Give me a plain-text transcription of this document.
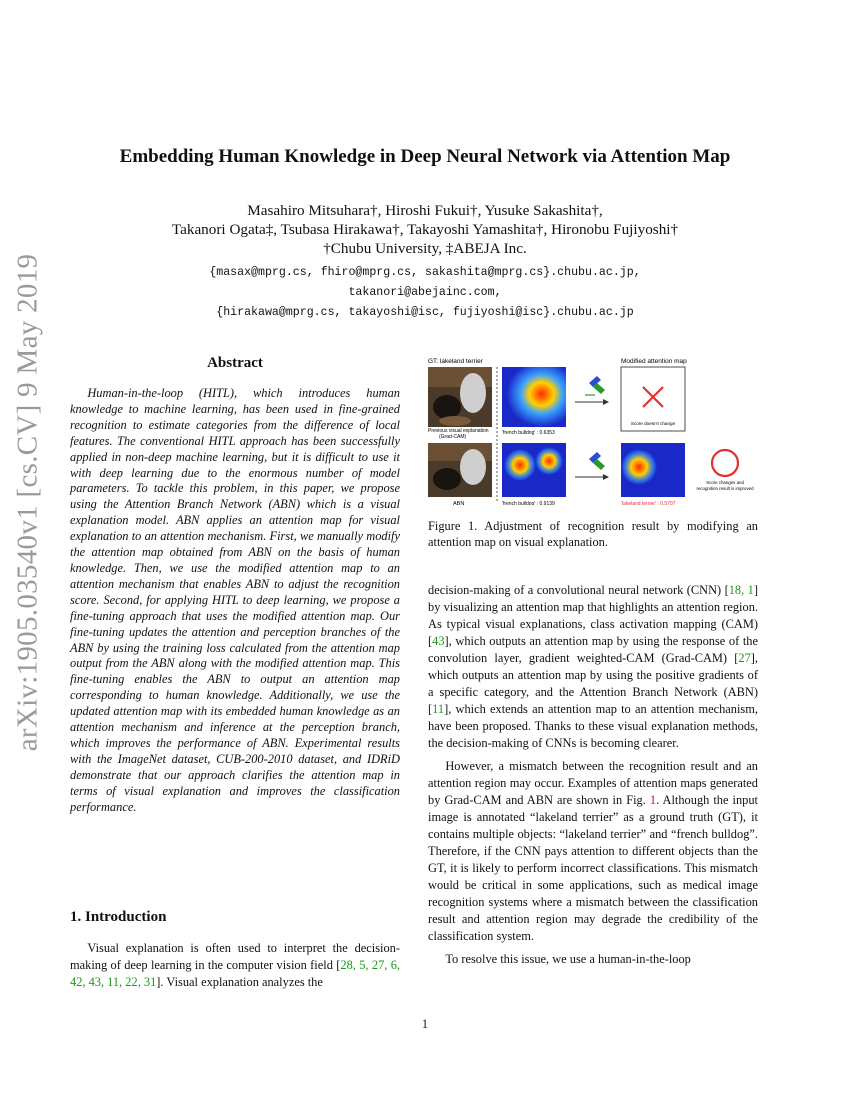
arXiv:1905.03540v1 [cs.CV] 9 May 2019
Embedding Human Knowledge in Deep Neural Network via Attention Map
Masahiro Mitsuhara†, Hiroshi Fukui†, Yusuke Sakashita†,
Takanori Ogata‡, Tsubasa Hirakawa†, Takayoshi Yamashita†, Hironobu Fujiyoshi†
†Chubu University, ‡ABEJA Inc.
{masax@mprg.cs, fhiro@mprg.cs, sakashita@mprg.cs}.chubu.ac.jp,
takanori@abejainc.com,
{hirakawa@mprg.cs, takayoshi@isc, fujiyoshi@isc}.chubu.ac.jp
Abstract

Human-in-the-loop (HITL), which introduces human knowledge to machine learning, has been used in fine-grained recognition to estimate categories from the difference of local features. The conventional HITL approach has been successfully applied in non-deep machine learning, but it is difficult to use it with deep learning due to the enormous number of model parameters. To tackle this problem, in this paper, we propose using the Attention Branch Network (ABN) which is a visual explanation model. ABN applies an attention map for visual explanation to an attention mechanism. First, we manually modify the attention map obtained from ABN on the basis of human knowledge. Then, we use the modified attention map to an attention mechanism that enables ABN to adjust the recognition score. Second, for applying HITL to deep learning, we propose a fine-tuning approach that uses the modified attention map. Our fine-tuning updates the attention and perception branches of the ABN by using the training loss calculated from the attention map output from the ABN along with the modified attention map. This fine-tuning enables the ABN to output an attention map corresponding to human knowledge. Additionally, we use the updated attention map with its embedded human knowledge as an attention mechanism and inference at the perception branch, which improves the performance of ABN. Experimental results with the ImageNet dataset, CUB-200-2010 dataset, and IDRiD demonstrate that our approach clarifies the attention map in terms of visual explanation and improves the classification performance.

1. Introduction

Visual explanation is often used to interpret the decision-making of deep learning in the computer vision field [28, 5, 27, 6, 42, 43, 11, 22, 31]. Visual explanation analyzes the

GT: lakeland terrier	Modified attention map
Previous visual explanation
(Grad-CAM)
'french bulldog' : 0.6353
Score doesn't change
ABN	'french bulldog' : 0.9139	'lakeland terrier' : 0.5707
Score changes and
recognition result is improved

Figure 1. Adjustment of recognition result by modifying an attention map on visual explanation.

decision-making of a convolutional neural network (CNN) [18, 1] by visualizing an attention map that highlights an attention region. As typical visual explanations, class activation mapping (CAM) [43], which outputs an attention map by using the response of the convolution layer, gradient weighted-CAM (Grad-CAM) [27], which outputs an attention map by using the positive gradients of a specific category, and the Attention Branch Network (ABN) [11], which extends an attention map to an attention mechanism, have been proposed. Thanks to these visual explanation methods, the decision-making of CNNs is becoming clearer.

However, a mismatch between the recognition result and an attention region may occur. Examples of attention maps generated by Grad-CAM and ABN are shown in Fig. 1. Although the input image is annotated “lakeland terrier” as a ground truth (GT), it contains multiple objects: “lakeland terrier” and “french bulldog”. Therefore, if the CNN pays attention to different objects than the GT, it is likely to perform incorrect classifications. This mismatch would be critical in some applications, such as medical image recognition systems where a mismatch between the classification result and attention region may degrade the credibility of the classification system.

To resolve this issue, we use a human-in-the-loop

1
